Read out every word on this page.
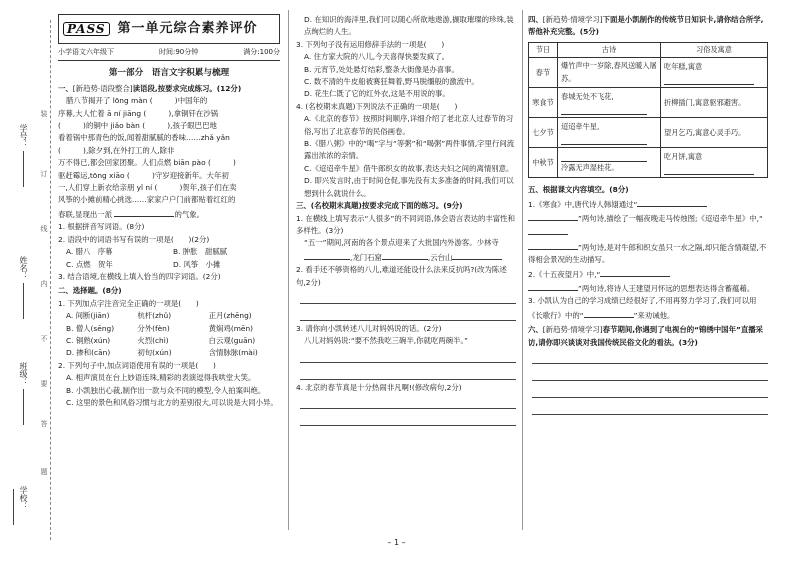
学号：
姓名：
班级：
学校：
装
订
线
内
不
要
答
题
PASS 第一单元综合素养评价
小学语文六年级下	时间:90分钟	满分:100分
第一部分　语言文字积累与梳理
一、[新趋势·语段整合]读语段,按要求完成练习。(12分)
腊八节揭开了 lōng màn (　　　)中国年的
序幕,大人忙着 ā ní jiāng (　　　),拿铜钎在沙锅
(　　　)的铜中 jiǎo bàn (　　　),孩子眼巴巴地
看着锅中那青色的饭,闻着甜腻腻的香味……zhǎ yǎn
(　　　),除夕到,在外打工的人,除非
万不得已,都会回家团聚。人们点燃 biān pào (　　　)
驱赶霉运,tōng xiāo (　　　)守岁迎接新年。大年初
一,人们穿上新衣给亲朋 yǐ ní (　　　)贺年,孩子们在卖
风筝的小摊前精心挑选……家家户户门前都贴着红红的
春联,显现出一派	的气象。
1. 根据拼音写词语。(8分)
2. 语段中的词语书写有误的一项是(　　)(2分)
A. 腊八　序幕	B. 肿胀　甜腻腻
C. 点燃　贺年	D. 风筝　小摊
3. 结合语境,在横线上填入恰当的四字词语。(2分)
二、选择题。(8分)
1. 下列加点字注音完全正确的一项是(　　)
A. 间断(jiān)	杭杆(zhǔ)	正月(zhēng)
B. 僧人(sēng)	分外(fèn)	黄焖鸡(mēn)
C. 铜熟(xún)	火烈(chì)	白云观(guān)
D. 掺和(cān)	初旬(xún)	含情脉脉(mài)
2. 下列句子中,加点词语使用有误的一项是(　　)
A. 相声演员在台上妙语连珠,精彩的表演逗得我哄堂大笑。
B. 小凯独出心裁,制作出一款与众不同的模型,令人拍案叫绝。
C. 这里的景色和风俗习惯与北方的差别很大,可以说是大同小异。
D. 在知识的海洋里,我们可以随心所欲地遨游,撷取璀璨的珍珠,装点绚烂的人生。
3. 下列句子没有运用修辞手法的一项是(　　)
A. 住方家大院的八儿,今天喜得快要发疯了。
B. 元宵节,处处悬灯结彩,整条大街像是办喜事。
C. 数不清的牛皮船被赛狂舞着,野马脱缰般的激流中。
D. 花生仁既了它的红外衣,这是不用说的事。
4. (名校期末真题)下列说法不正确的一项是(　　)
A.《北京的春节》按照时间顺序,详细介绍了老北京人过春节的习俗,写出了北京春节的民俗画卷。
B.《腊八粥》中的“喝”字与“等粥”和“喝粥”两件事情,字里行间流露出浓浓的亲情。
C.《迢迢牵牛星》借牛郎织女的故事,表达夫妇之间的离情别意。
D. 即兴发言时,由于时间仓促,事先没有太多准备的时间,我们可以想到什么就说什么。
三、(名校期末真题)按要求完成下面的练习。(9分)
1. 在横线上填写表示“人很多”的不同词语,体会语言表达的丰富性和多样性。(3分)
“五一”期间,河南的各个景点迎来了大批国内外游客。少林寺,龙门石窟	,云台山
2. 看手还不够资格的八儿,难道还能设什么法来反抗吗?(改为陈述句,2分)
3. 请你向小凯转述八儿对妈妈说的话。(2分)
八儿对妈妈说:“要不然我吃三碗半,你就吃两碗半。”
4. 北京的春节真是十分热闹非凡啊!(修改病句,2分)
四、[新趋势·情境学习]下面是小凯制作的传统节日知识卡,请你结合所学,帮他补充完整。(5分)
节日	古诗	习俗及寓意
春节	爆竹声中一岁除,春风送暖入屠苏。	吃年糕,寓意

寒食节	春城无处不飞花,	折柳插门,寓意驱邪避害。
七夕节	迢迢牵牛星,	望月乞巧,寓意心灵手巧。
中秋节	冷露无声湿桂花。	吃月饼,寓意
五、根据课文内容填空。(8分)
1.《寒食》中,唐代诗人韩翃通过“
”两句诗,描绘了一幅夜晚走马传烛图;《迢迢牵牛星》中,“
”两句诗,是对牛郎和织女虽只一水之隔,却只能含情凝望,不得相会景况的生动描写。
2.《十五夜望月》中,“
”两句诗,将诗人王建望月怀远的思想表达得含蓄蕴藉。
3. 小凯认为自己的学习成绩已经很好了,不用再努力学习了,我们可以用《长歌行》中的“	”来劝诫他。
六、[新趋势·情境学习]春节期间,你遇到了电视台的“锦绣中国年”直播采访,请你即兴谈谈对我国传统民俗文化的看法。(3分)
– 1 –
